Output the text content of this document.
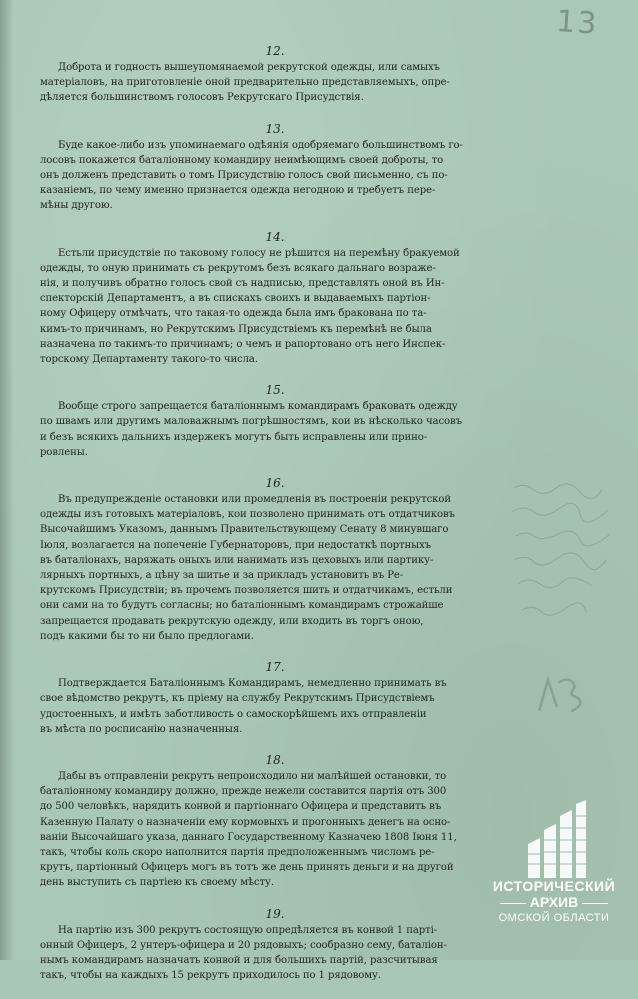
13
12.

Доброта и годность вышеупомянаемой рекрутской одежды, или самыхъ
матерiаловъ, на приготовленiе оной предварительно представляемыхъ, опре-
дѣляется большинствомъ голосовъ Рекрутскаго Присудствiя.

13.

Буде какое-либо изъ упоминаемаго одѣянiя одобряемаго большинствомъ го-
лосовъ покажется баталiонному командиру неимѣющимъ своей доброты, то
онъ долженъ представить о томъ Присудствiю голосъ свой письменно, съ по-
казанiемъ, по чему именно признается одежда негодною и требуетъ пере-
мѣны другою.

14.

Естьли присудствiе по таковому голосу не рѣшится на перемѣну бракуемой
одежды, то оную принимать съ рекрутомъ безъ всякаго дальнаго возраже-
нiя, и получивъ обратно голосъ свой съ надписью, представлять оной въ Ин-
спекторскiй Департаментъ, а въ спискахъ своихъ и выдаваемыхъ партiон-
ному Офицеру отмѣчать, что такая-то одежда была имъ бракована по та-
кимъ-то причинамъ, но Рекрутскимъ Присудствiемъ къ перемѣнѣ не была
назначена по такимъ-то причинамъ; о чемъ и рапортовано отъ него Инспек-
торскому Департаменту такого-то числа.

15.

Вообще строго запрещается баталiоннымъ командирамъ браковать одежду
по швамъ или другимъ маловажнымъ погрѣшностямъ, кои въ нѣсколько часовъ
и безъ всякихъ дальнихъ издержекъ могутъ быть исправлены или прино-
ровлены.

16.

Въ предупрежденiе остановки или промедленiя въ построенiи рекрутской
одежды изъ готовыхъ матерiаловъ, кои позволено принимать отъ отдатчиковъ
Высочайшимъ Указомъ, даннымъ Правительствующему Сенату 8 минувшаго
Iюля, возлагается на попеченiе Губернаторовъ, при недостаткѣ портныхъ
въ баталiонахъ, наряжать оныхъ или нанимать изъ цеховыхъ или партику-
лярныхъ портныхъ, а цѣну за шитье и за прикладъ установить въ Ре-
крутскомъ Присудствiи; въ прочемъ позволяется шить и отдатчикамъ, естьли
они сами на то будутъ согласны; но баталiоннымъ командирамъ строжайше
запрещается продавать рекрутскую одежду, или входить въ торгъ оною,
подъ какими бы то ни было предлогами.

17.

Подтверждается Баталiоннымъ Командирамъ, немедленно принимать въ
свое вѣдомство рекрутъ, къ прiему на службу Рекрутскимъ Присудствiемъ
удостоенныхъ, и имѣть заботливость о самоскорѣйшемъ ихъ отправленiи
въ мѣста по росписанiю назначенныя.

18.

Дабы въ отправленiи рекрутъ непроисходило ни малѣйшей остановки, то
баталiонному командиру должно, прежде нежели составится партiя отъ 300
до 500 человѣкъ, нарядить конвой и партiоннаго Офицера и представить въ
Казенную Палату о назначенiи ему кормовыхъ и прогонныхъ денегъ на осно-
ванiи Высочайшаго указа, даннаго Государственному Казначею 1808 Iюня 11,
такъ, чтобы коль скоро наполнится партiя предположеннымъ числомъ ре-
крутъ, партiонный Офицеръ могъ въ тотъ же день принять деньги и на другой
день выступить съ партiею къ своему мѣсту.

19.

На партiю изъ 300 рекрутъ состоящую опредѣляется въ конвой 1 партi-
онный Офицеръ, 2 унтеръ-офицера и 20 рядовыхъ; сообразно сему, баталiон-
нымъ командирамъ назначать конвой и для большихъ партiй, разсчитывая
такъ, чтобы на каждыхъ 15 рекрутъ приходилось по 1 рядовому.

ИСТОРИЧЕСКИЙ
АРХИВ
ОМСКОЙ ОБЛАСТИ
